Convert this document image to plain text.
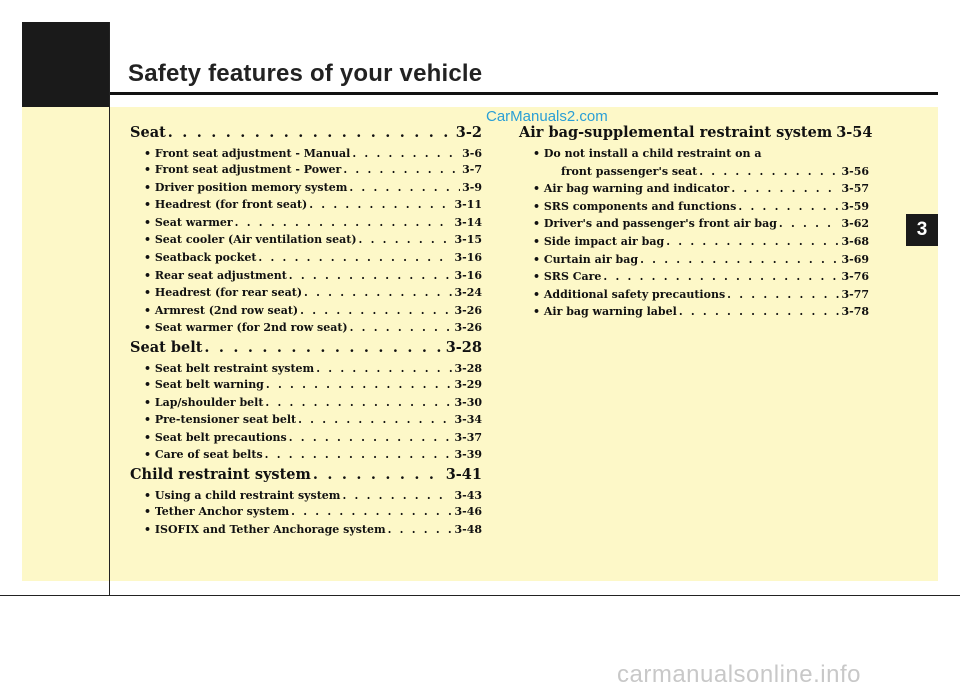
Safety features of your vehicle
3
CarManuals2.com
carmanualsonline.info
Seat . . .	3-2
• Front seat adjustment - Manual . . .	3-6
• Front seat adjustment - Power . . .	3-7
• Driver position memory system . . .	3-9
• Headrest (for front seat) . . .	3-11
• Seat warmer . . .	3-14
• Seat cooler (Air ventilation seat) . . .	3-15
• Seatback pocket . . .	3-16
• Rear seat adjustment . . .	3-16
• Headrest (for rear seat) . . .	3-24
• Armrest (2nd row seat) . . .	3-26
• Seat warmer (for 2nd row seat) . . .	3-26
Seat belt . . .	3-28
• Seat belt restraint system . . .	3-28
• Seat belt warning . . .	3-29
• Lap/shoulder belt . . .	3-30
• Pre-tensioner seat belt . . .	3-34
• Seat belt precautions . . .	3-37
• Care of seat belts . . .	3-39
Child restraint system . . .	3-41
• Using a child restraint system . . .	3-43
• Tether Anchor system . . .	3-46
• ISOFIX and Tether Anchorage system . . .	3-48
Air bag-supplemental restraint system 3-54
• Do not install a child restraint on a
front passenger's seat . . .	3-56
• Air bag warning and indicator . . .	3-57
• SRS components and functions . . .	3-59
• Driver's and passenger's front air bag . . .	3-62
• Side impact air bag . . .	3-68
• Curtain air bag . . .	3-69
• SRS Care . . .	3-76
• Additional safety precautions . . .	3-77
• Air bag warning label . . .	3-78
